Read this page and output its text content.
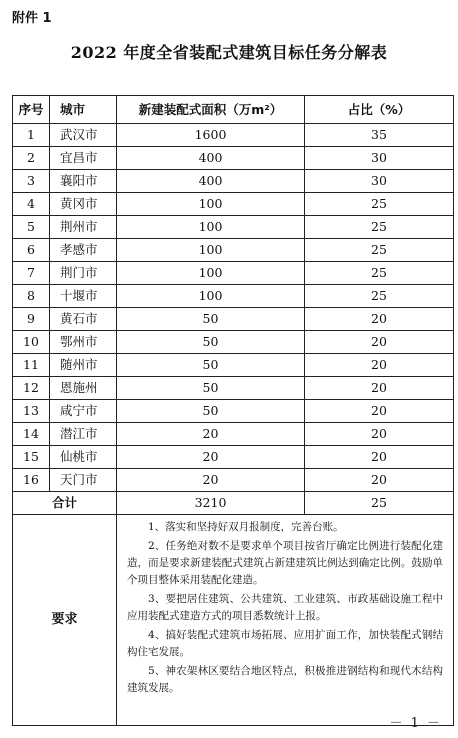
附件 1
2022 年度全省装配式建筑目标任务分解表
序号	城市	新建装配式面积（万m²）	占比（%）
1	武汉市	1600	35
2	宜昌市	400	30
3	襄阳市	400	30
4	黄冈市	100	25
5	荆州市	100	25
6	孝感市	100	25
7	荆门市	100	25
8	十堰市	100	25
9	黄石市	50	20
10	鄂州市	50	20
11	随州市	50	20
12	恩施州	50	20
13	咸宁市	50	20
14	潜江市	20	20
15	仙桃市	20	20
16	天门市	20	20
合计		3210	25
要求		1、落实和坚持好双月报制度，完善台账。

2、任务绝对数不是要求单个项目按省厅确定比例进行装配化建造，而是要求新建装配式建筑占新建建筑比例达到确定比例。鼓励单个项目整体采用装配化建造。

3、要把居住建筑、公共建筑、工业建筑、市政基础设施工程中应用装配式建造方式的项目悉数统计上报。

4、搞好装配式建筑市场拓展、应用扩面工作，加快装配式钢结构住宅发展。

5、神农架林区要结合地区特点，积极推进钢结构和现代木结构建筑发展。	

－ 1 －
